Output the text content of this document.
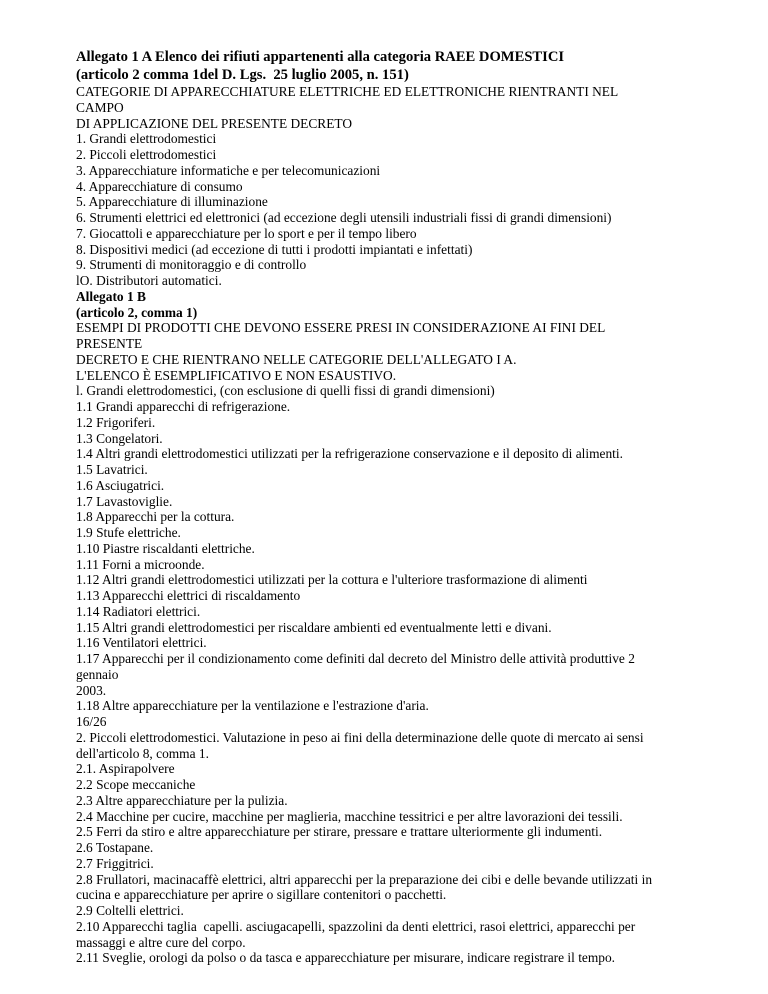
Allegato 1 A Elenco dei rifiuti appartenenti alla categoria RAEE DOMESTICI
(articolo 2 comma 1del D. Lgs.  25 luglio 2005, n. 151)
CATEGORIE DI APPARECCHIATURE ELETTRICHE ED ELETTRONICHE RIENTRANTI NEL
CAMPO
DI APPLICAZIONE DEL PRESENTE DECRETO
1. Grandi elettrodomestici
2. Piccoli elettrodomestici
3. Apparecchiature informatiche e per telecomunicazioni
4. Apparecchiature di consumo
5. Apparecchiature di illuminazione
6. Strumenti elettrici ed elettronici (ad eccezione degli utensili industriali fissi di grandi dimensioni)
7. Giocattoli e apparecchiature per lo sport e per il tempo libero
8. Dispositivi medici (ad eccezione di tutti i prodotti impiantati e infettati)
9. Strumenti di monitoraggio e di controllo
lO. Distributori automatici.
Allegato 1 B
(articolo 2, comma 1)
ESEMPI DI PRODOTTI CHE DEVONO ESSERE PRESI IN CONSIDERAZIONE AI FINI DEL
PRESENTE
DECRETO E CHE RIENTRANO NELLE CATEGORIE DELL'ALLEGATO I A.
L'ELENCO È ESEMPLIFICATIVO E NON ESAUSTIVO.
l. Grandi elettrodomestici, (con esclusione di quelli fissi di grandi dimensioni)
1.1 Grandi apparecchi di refrigerazione.
1.2 Frigoriferi.
1.3 Congelatori.
1.4 Altri grandi elettrodomestici utilizzati per la refrigerazione conservazione e il deposito di alimenti.
1.5 Lavatrici.
1.6 Asciugatrici.
1.7 Lavastoviglie.
1.8 Apparecchi per la cottura.
1.9 Stufe elettriche.
1.10 Piastre riscaldanti elettriche.
1.11 Forni a microonde.
1.12 Altri grandi elettrodomestici utilizzati per la cottura e l'ulteriore trasformazione di alimenti
1.13 Apparecchi elettrici di riscaldamento
1.14 Radiatori elettrici.
1.15 Altri grandi elettrodomestici per riscaldare ambienti ed eventualmente letti e divani.
1.16 Ventilatori elettrici.
1.17 Apparecchi per il condizionamento come definiti dal decreto del Ministro delle attività produttive 2
gennaio
2003.
1.18 Altre apparecchiature per la ventilazione e l'estrazione d'aria.
16/26
2. Piccoli elettrodomestici. Valutazione in peso ai fini della determinazione delle quote di mercato ai sensi
dell'articolo 8, comma 1.
2.1. Aspirapolvere
2.2 Scope meccaniche
2.3 Altre apparecchiature per la pulizia.
2.4 Macchine per cucire, macchine per maglieria, macchine tessitrici e per altre lavorazioni dei tessili.
2.5 Ferri da stiro e altre apparecchiature per stirare, pressare e trattare ulteriormente gli indumenti.
2.6 Tostapane.
2.7 Friggitrici.
2.8 Frullatori, macinacaffè elettrici, altri apparecchi per la preparazione dei cibi e delle bevande utilizzati in
cucina e apparecchiature per aprire o sigillare contenitori o pacchetti.
2.9 Coltelli elettrici.
2.10 Apparecchi taglia  capelli. asciugacapelli, spazzolini da denti elettrici, rasoi elettrici, apparecchi per
massaggi e altre cure del corpo.
2.11 Sveglie, orologi da polso o da tasca e apparecchiature per misurare, indicare registrare il tempo.
